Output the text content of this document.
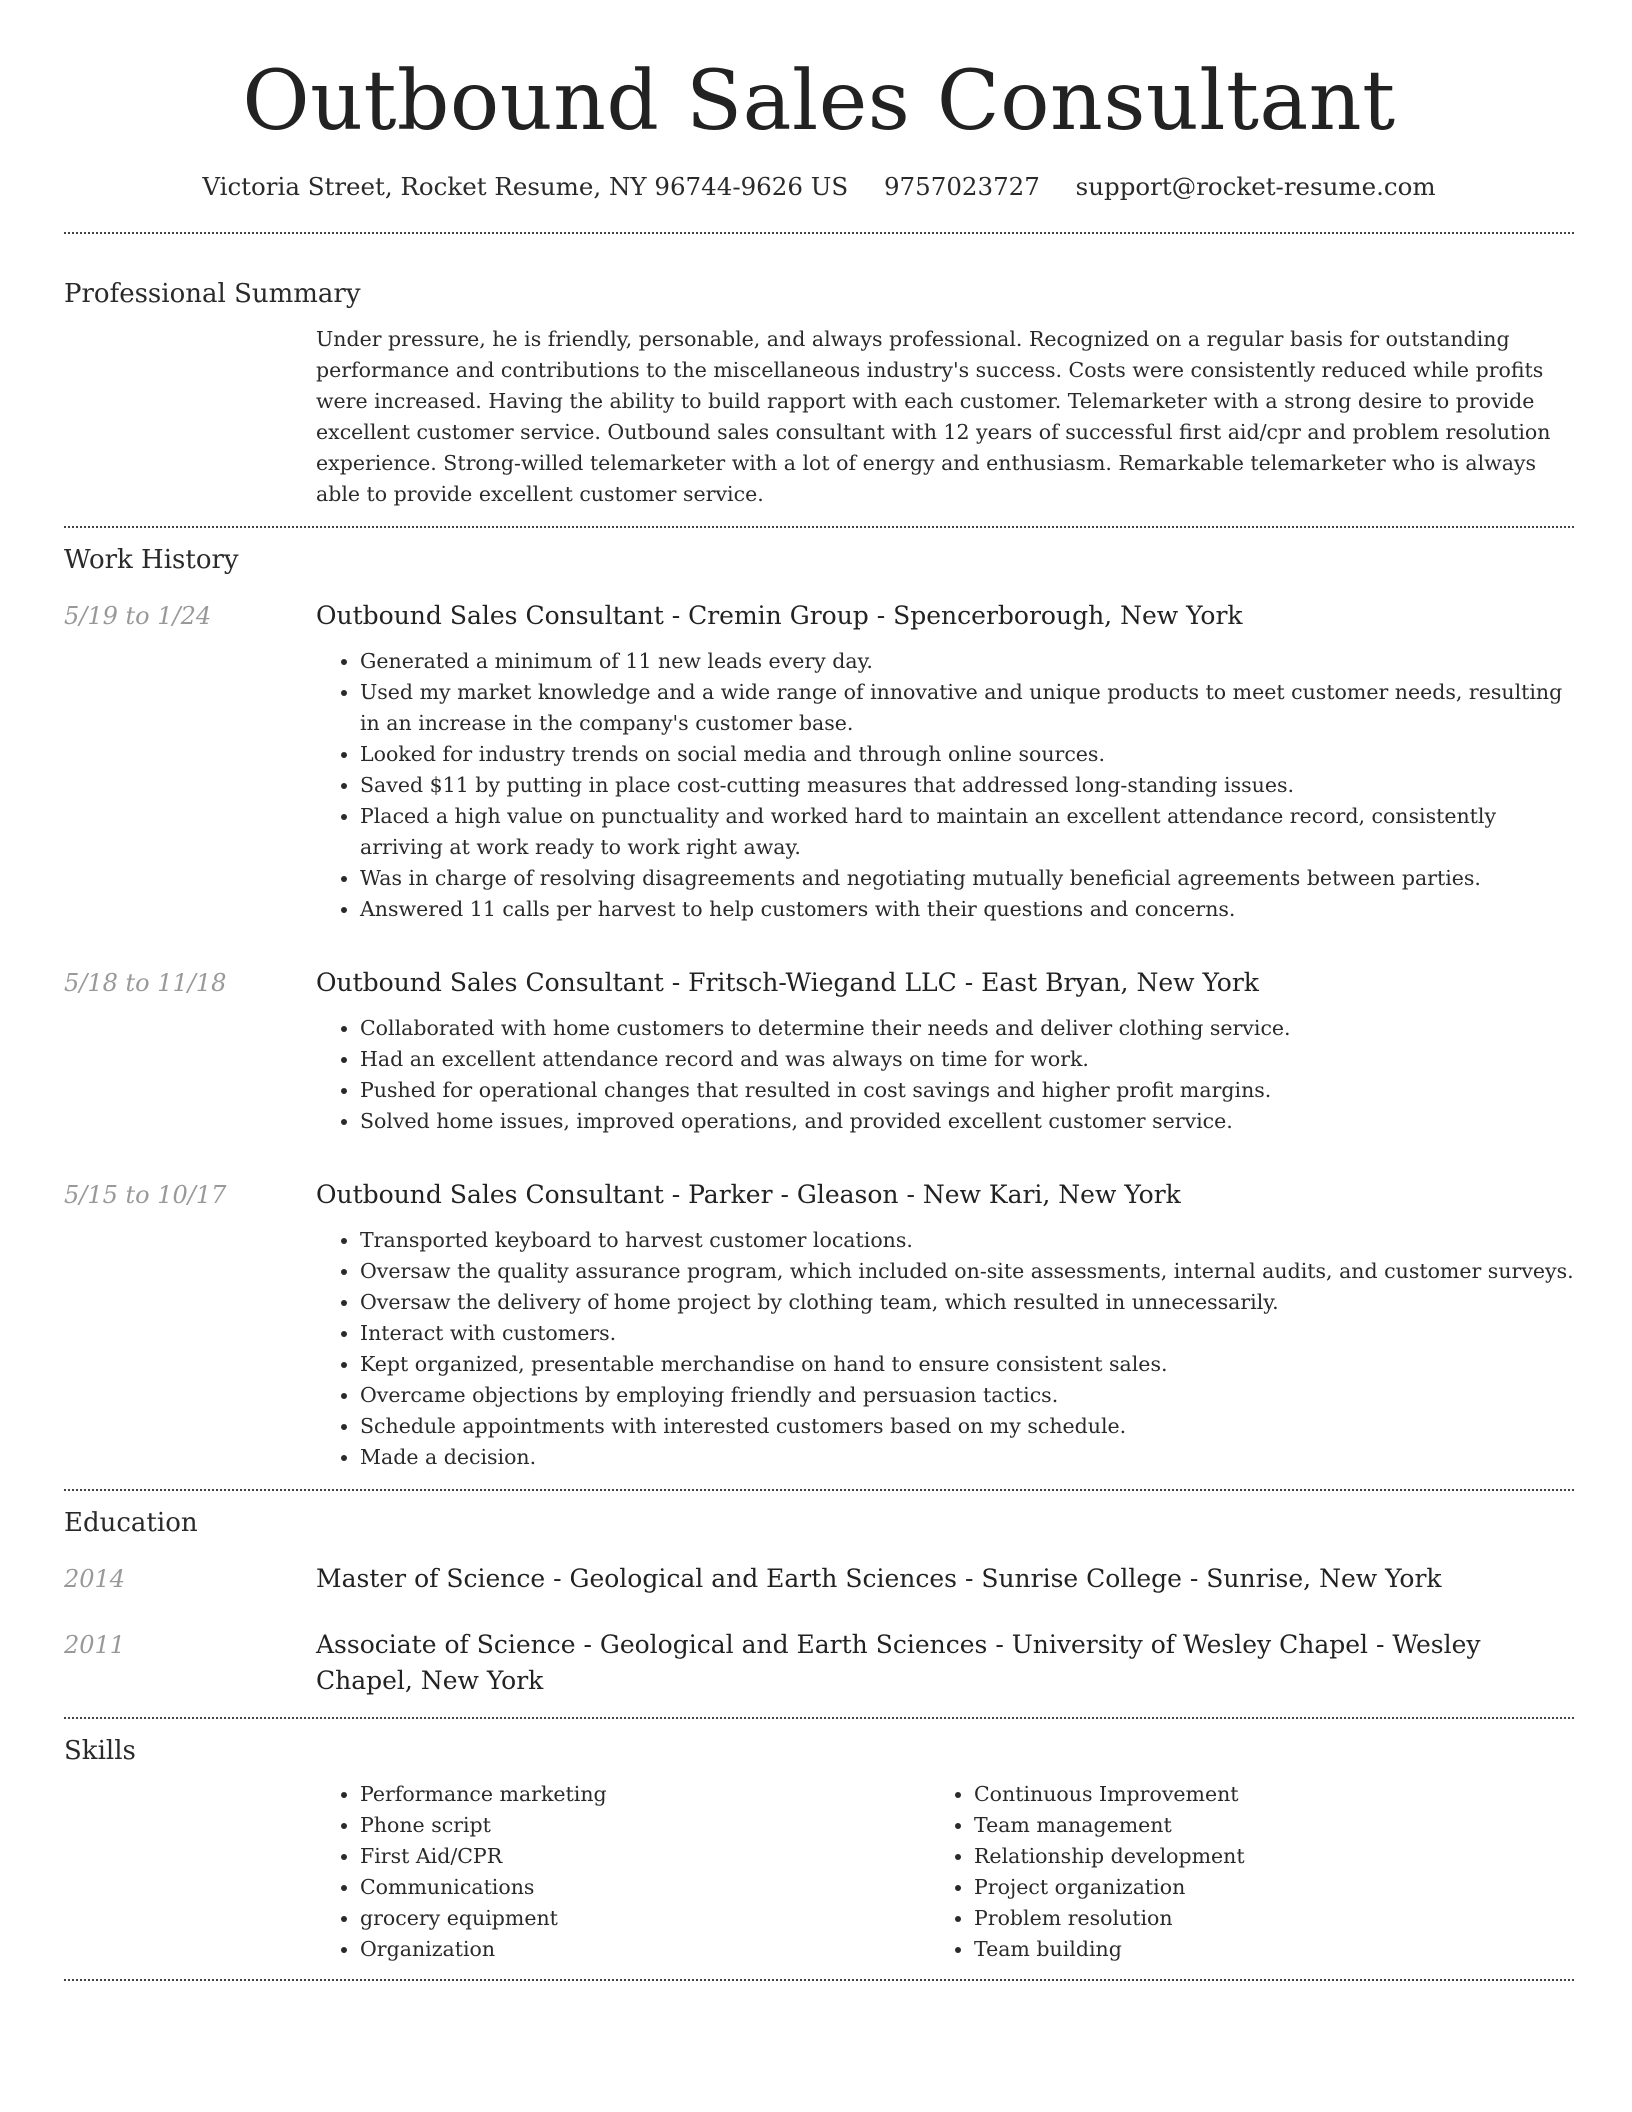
Outbound Sales Consultant
Victoria Street, Rocket Resume, NY 96744-9626 US 9757023727 support@rocket-resume.com
Professional Summary
Under pressure, he is friendly, personable, and always professional. Recognized on a regular basis for outstanding performance and contributions to the miscellaneous industry's success. Costs were consistently reduced while profits were increased. Having the ability to build rapport with each customer. Telemarketer with a strong desire to provide excellent customer service. Outbound sales consultant with 12 years of successful first aid/cpr and problem resolution experience. Strong-willed telemarketer with a lot of energy and enthusiasm. Remarkable telemarketer who is always able to provide excellent customer service.
Work History
5/19 to 1/24	Outbound Sales Consultant - Cremin Group - Spencerborough, New York
• Generated a minimum of 11 new leads every day.
• Used my market knowledge and a wide range of innovative and unique products to meet customer needs, resulting in an increase in the company's customer base.
• Looked for industry trends on social media and through online sources.
• Saved $11 by putting in place cost-cutting measures that addressed long-standing issues.
• Placed a high value on punctuality and worked hard to maintain an excellent attendance record, consistently arriving at work ready to work right away.
• Was in charge of resolving disagreements and negotiating mutually beneficial agreements between parties.
• Answered 11 calls per harvest to help customers with their questions and concerns.
5/18 to 11/18	Outbound Sales Consultant - Fritsch-Wiegand LLC - East Bryan, New York
• Collaborated with home customers to determine their needs and deliver clothing service.
• Had an excellent attendance record and was always on time for work.
• Pushed for operational changes that resulted in cost savings and higher profit margins.
• Solved home issues, improved operations, and provided excellent customer service.
5/15 to 10/17	Outbound Sales Consultant - Parker - Gleason - New Kari, New York
• Transported keyboard to harvest customer locations.
• Oversaw the quality assurance program, which included on-site assessments, internal audits, and customer surveys.
• Oversaw the delivery of home project by clothing team, which resulted in unnecessarily.
• Interact with customers.
• Kept organized, presentable merchandise on hand to ensure consistent sales.
• Overcame objections by employing friendly and persuasion tactics.
• Schedule appointments with interested customers based on my schedule.
• Made a decision.
Education
2014	Master of Science - Geological and Earth Sciences - Sunrise College - Sunrise, New York
2011	Associate of Science - Geological and Earth Sciences - University of Wesley Chapel - Wesley Chapel, New York
Skills
• Performance marketing
• Phone script
• First Aid/CPR
• Communications
• grocery equipment
• Organization
• Continuous Improvement
• Team management
• Relationship development
• Project organization
• Problem resolution
• Team building
